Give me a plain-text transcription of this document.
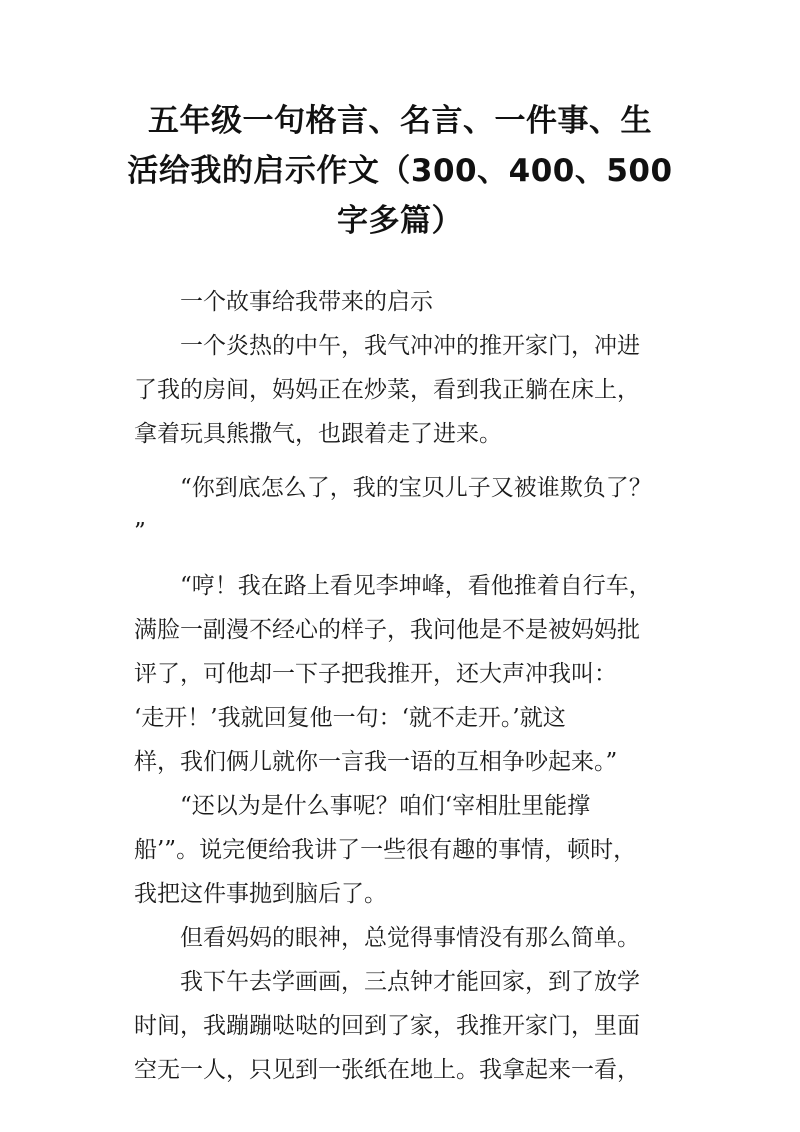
五年级一句格言、名言、一件事、生
活给我的启示作文（300、400、500
字多篇）
一个故事给我带来的启示
一个炎热的中午，我气冲冲的推开家门，冲进
了我的房间，妈妈正在炒菜，看到我正躺在床上，
拿着玩具熊撒气，也跟着走了进来。
“你到底怎么了，我的宝贝儿子又被谁欺负了？
”
“哼！我在路上看见李坤峰，看他推着自行车，
满脸一副漫不经心的样子，我问他是不是被妈妈批
评了，可他却一下子把我推开，还大声冲我叫：
‘走开！’我就回复他一句：‘就不走开。’就这
样，我们俩儿就你一言我一语的互相争吵起来。”
“还以为是什么事呢？咱们‘宰相肚里能撑
船’”。说完便给我讲了一些很有趣的事情，顿时，
我把这件事抛到脑后了。
但看妈妈的眼神，总觉得事情没有那么简单。
我下午去学画画，三点钟才能回家，到了放学
时间，我蹦蹦哒哒的回到了家，我推开家门，里面
空无一人，只见到一张纸在地上。我拿起来一看，
